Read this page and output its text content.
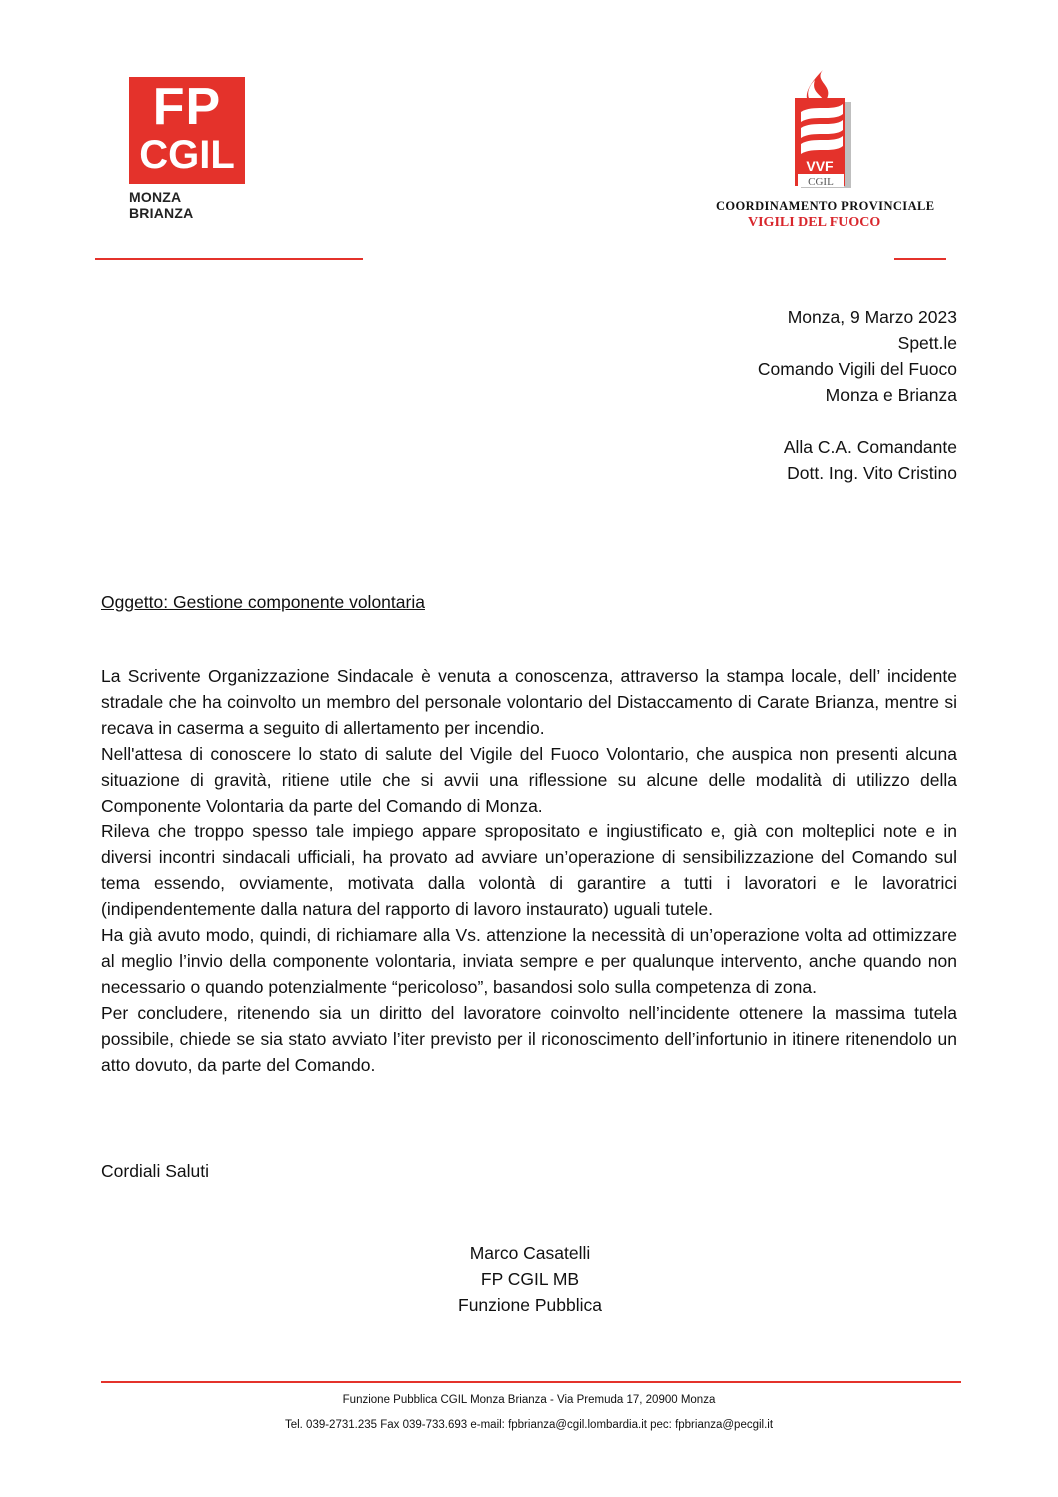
FP
CGIL
MONZA BRIANZA
VVF
CGIL
COORDINAMENTO PROVINCIALE
VIGILI DEL FUOCO
Monza, 9 Marzo 2023
Spett.le
Comando Vigili del Fuoco
Monza e Brianza
Alla C.A. Comandante
Dott. Ing. Vito Cristino
Oggetto: Gestione componente volontaria

La Scrivente Organizzazione Sindacale è venuta a conoscenza, attraverso la stampa locale, dell’ incidente stradale che ha coinvolto un membro del personale volontario del Distaccamento di Carate Brianza, mentre si recava in caserma a seguito di allertamento per incendio.

Nell'attesa di conoscere lo stato di salute del Vigile del Fuoco Volontario, che auspica non presenti alcuna situazione di gravità, ritiene utile che si avvii una riflessione su alcune delle modalità di utilizzo della Componente Volontaria da parte del Comando di Monza.

Rileva che troppo spesso tale impiego appare spropositato e ingiustificato e, già con molteplici note e in diversi incontri sindacali ufficiali, ha provato ad avviare un’operazione di sensibilizzazione del Comando sul tema essendo, ovviamente, motivata dalla volontà di garantire a tutti i lavoratori e le lavoratrici (indipendentemente dalla natura del rapporto di lavoro instaurato) uguali tutele.

Ha già avuto modo, quindi, di richiamare alla Vs. attenzione la necessità di un’operazione volta ad ottimizzare al meglio l’invio della componente volontaria, inviata sempre e per qualunque intervento, anche quando non necessario o quando potenzialmente “pericoloso”, basandosi solo sulla competenza di zona.

Per concludere, ritenendo sia un diritto del lavoratore coinvolto nell’incidente ottenere la massima tutela possibile, chiede se sia stato avviato l’iter previsto per il riconoscimento dell’infortunio in itinere ritenendolo un atto dovuto, da parte del Comando.

Cordiali Saluti
Marco Casatelli
FP CGIL MB
Funzione Pubblica
Funzione Pubblica CGIL Monza Brianza - Via Premuda 17, 20900 Monza
Tel. 039-2731.235 Fax 039-733.693 e-mail: fpbrianza@cgil.lombardia.it pec: fpbrianza@pecgil.it
